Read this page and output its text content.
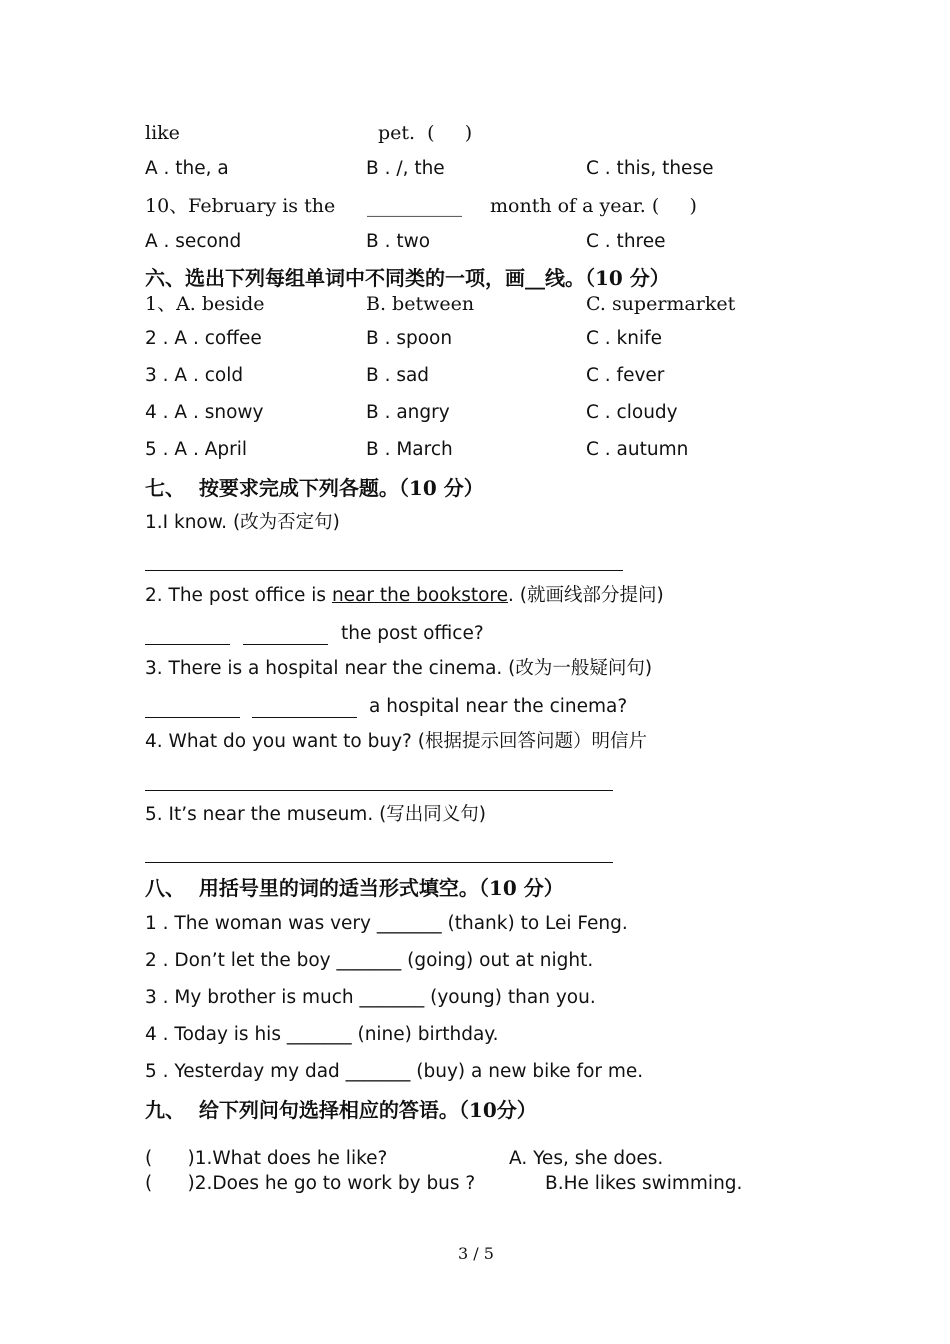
like	pet.  (     )
A . the, a	B . /, the	C . this, these
10、February is the __________ month of a year. (     )
A . second	B . two	C . three
六、选出下列每组单词中不同类的一项，画__线。（10 分）
1、A. beside	B. between	C. supermarket
2 . A . coffee	B . spoon	C . knife
3 . A . cold	B . sad	C . fever
4 . A . snowy	B . angry	C . cloudy
5 . A . April	B . March	C . autumn
七、  按要求完成下列各题。（10 分）
1.I know. (改为否定句)
2. The post office is near the bookstore. (就画线部分提问)
the post office?
3. There is a hospital near the cinema. (改为一般疑问句)
a hospital near the cinema?
4. What do you want to buy? (根据提示回答问题）明信片
5. It’s near the museum. (写出同义句)
八、  用括号里的词的适当形式填空。（10 分）
1 . The woman was very _______ (thank) to Lei Feng.
2 . Don’t let the boy _______ (going) out at night.
3 . My brother is much _______ (young) than you.
4 . Today is his _______ (nine) birthday.
5 . Yesterday my dad _______ (buy) a new bike for me.
九、  给下列问句选择相应的答语。（10分）
(      )1.What does he like?	A. Yes, she does.
(      )2.Does he go to work by bus ?	B.He likes swimming.
3 / 5
